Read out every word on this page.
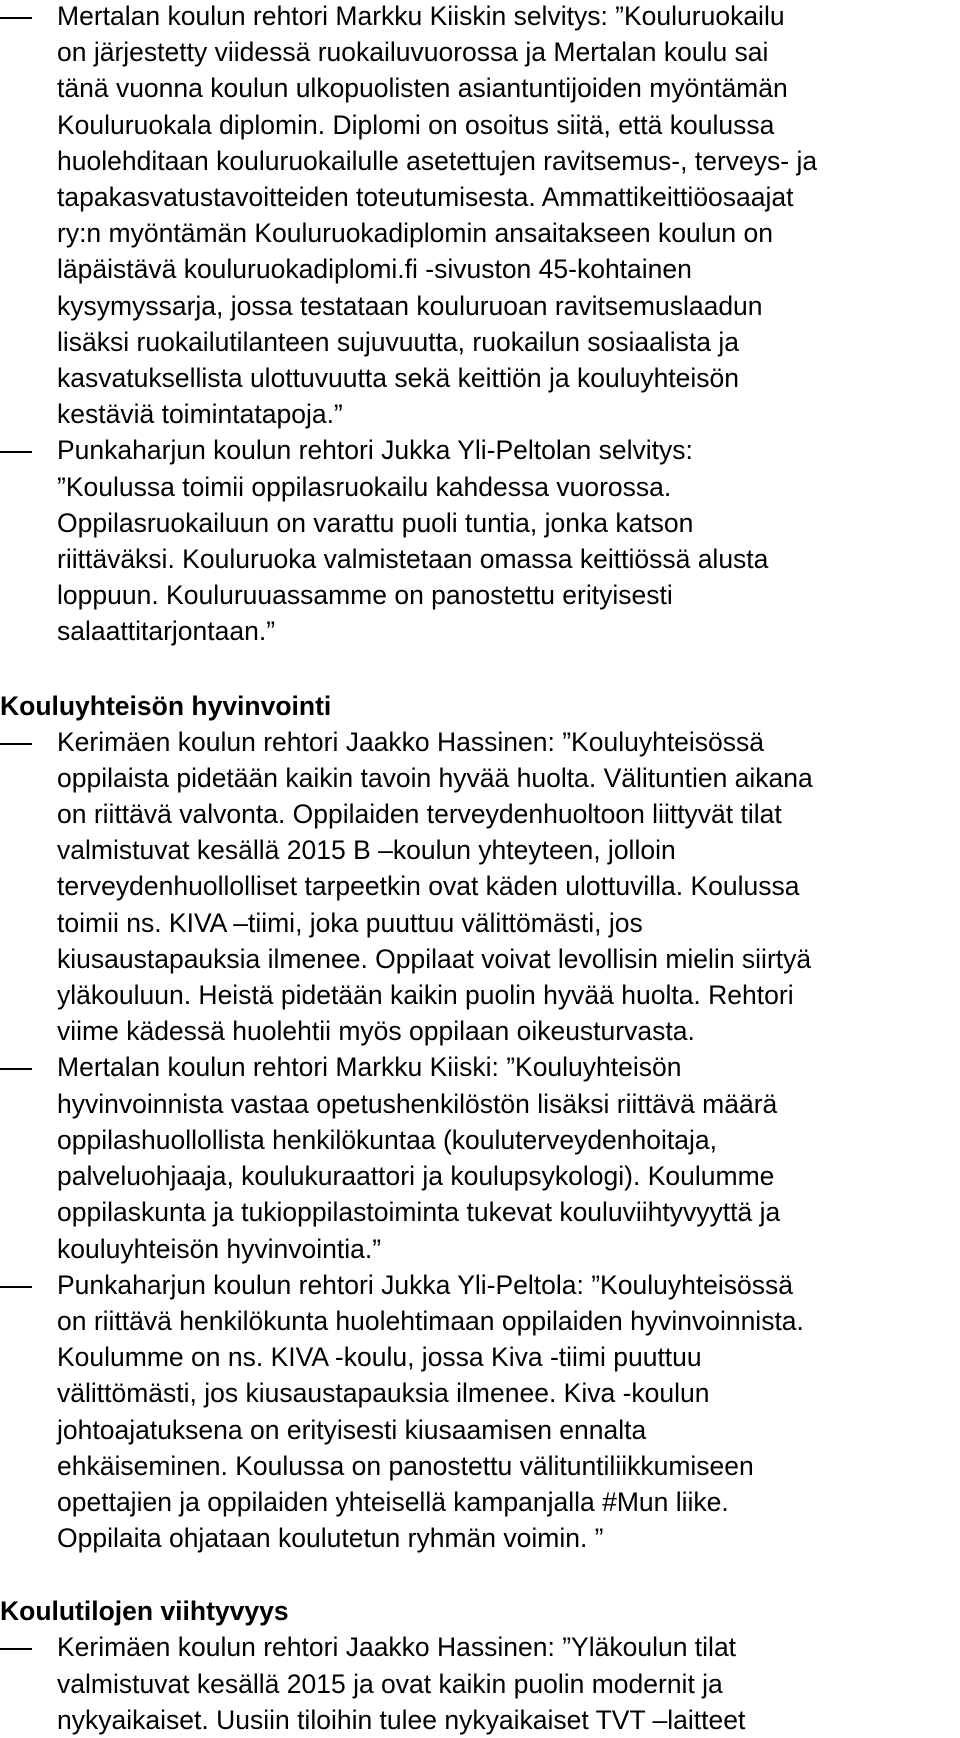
Mertalan koulun rehtori Markku Kiiskin selvitys: ”Kouluruokailu
on järjestetty viidessä ruokailuvuorossa ja Mertalan koulu sai
tänä vuonna koulun ulkopuolisten asiantuntijoiden myöntämän
Kouluruokala diplomin. Diplomi on osoitus siitä, että koulussa
huolehditaan kouluruokailulle asetettujen ravitsemus-, terveys- ja
tapakasvatustavoitteiden toteutumisesta. Ammattikeittiöosaajat
ry:n myöntämän Kouluruokadiplomin ansaitakseen koulun on
läpäistävä kouluruokadiplomi.fi -sivuston 45-kohtainen
kysymyssarja, jossa testataan kouluruoan ravitsemuslaadun
lisäksi ruokailutilanteen sujuvuutta, ruokailun sosiaalista ja
kasvatuksellista ulottuvuutta sekä keittiön ja kouluyhteisön
kestäviä toimintatapoja.”
Punkaharjun koulun rehtori Jukka Yli-Peltolan selvitys:
”Koulussa toimii oppilasruokailu kahdessa vuorossa.
Oppilasruokailuun on varattu puoli tuntia, jonka katson
riittäväksi. Kouluruoka valmistetaan omassa keittiössä alusta
loppuun. Kouluruuassamme on panostettu erityisesti
salaattitarjontaan.”
Kouluyhteisön hyvinvointi
Kerimäen koulun rehtori Jaakko Hassinen: ”Kouluyhteisössä
oppilaista pidetään kaikin tavoin hyvää huolta. Välituntien aikana
on riittävä valvonta. Oppilaiden terveydenhuoltoon liittyvät tilat
valmistuvat kesällä 2015 B –koulun yhteyteen, jolloin
terveydenhuollolliset tarpeetkin ovat käden ulottuvilla. Koulussa
toimii ns. KIVA –tiimi, joka puuttuu välittömästi, jos
kiusaustapauksia ilmenee. Oppilaat voivat levollisin mielin siirtyä
yläkouluun. Heistä pidetään kaikin puolin hyvää huolta. Rehtori
viime kädessä huolehtii myös oppilaan oikeusturvasta.
Mertalan koulun rehtori Markku Kiiski: ”Kouluyhteisön
hyvinvoinnista vastaa opetushenkilöstön lisäksi riittävä määrä
oppilashuollollista henkilökuntaa (kouluterveydenhoitaja,
palveluohjaaja, koulukuraattori ja koulupsykologi). Koulumme
oppilaskunta ja tukioppilastoiminta tukevat kouluviihtyvyyttä ja
kouluyhteisön hyvinvointia.”
Punkaharjun koulun rehtori Jukka Yli-Peltola: ”Kouluyhteisössä
on riittävä henkilökunta huolehtimaan oppilaiden hyvinvoinnista.
Koulumme on ns. KIVA -koulu, jossa Kiva -tiimi puuttuu
välittömästi, jos kiusaustapauksia ilmenee. Kiva -koulun
johtoajatuksena on erityisesti kiusaamisen ennalta
ehkäiseminen. Koulussa on panostettu välituntiliikkumiseen
opettajien ja oppilaiden yhteisellä kampanjalla #Mun liike.
Oppilaita ohjataan koulutetun ryhmän voimin. ”
Koulutilojen viihtyvyys
Kerimäen koulun rehtori Jaakko Hassinen: ”Yläkoulun tilat
valmistuvat kesällä 2015 ja ovat kaikin puolin modernit ja
nykyaikaiset. Uusiin tiloihin tulee nykyaikaiset TVT –laitteet
